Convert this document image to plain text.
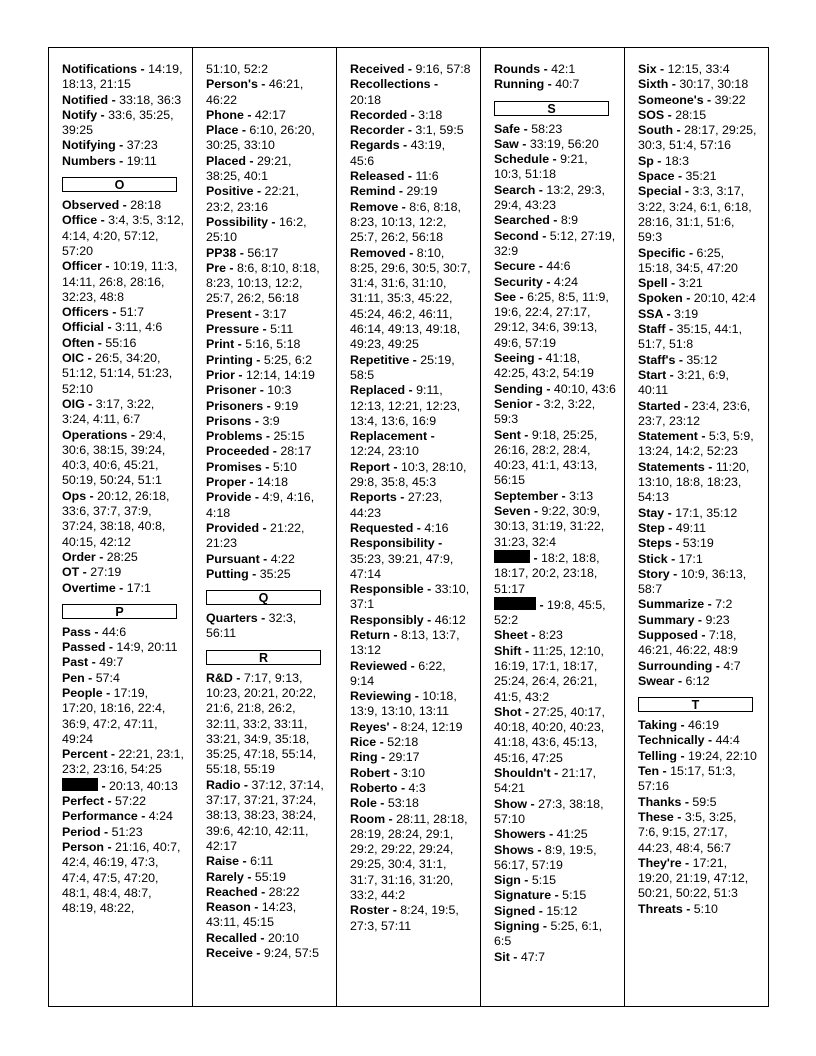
Notifications - 14:19, 18:13, 21:15
Notified - 33:18, 36:3
Notify - 33:6, 35:25, 39:25
Notifying - 37:23
Numbers - 19:11
O
Observed - 28:18
Office - 3:4, 3:5, 3:12, 4:14, 4:20, 57:12, 57:20
Officer - 10:19, 11:3, 14:11, 26:8, 28:16, 32:23, 48:8
Officers - 51:7
Official - 3:11, 4:6
Often - 55:16
OIC - 26:5, 34:20, 51:12, 51:14, 51:23, 52:10
OIG - 3:17, 3:22, 3:24, 4:11, 6:7
Operations - 29:4, 30:6, 38:15, 39:24, 40:3, 40:6, 45:21, 50:19, 50:24, 51:1
Ops - 20:12, 26:18, 33:6, 37:7, 37:9, 37:24, 38:18, 40:8, 40:15, 42:12
Order - 28:25
OT - 27:19
Overtime - 17:1
P
Pass - 44:6
Passed - 14:9, 20:11
Past - 49:7
Pen - 57:4
People - 17:19, 17:20, 18:16, 22:4, 36:9, 47:2, 47:11, 49:24
Percent - 22:21, 23:1, 23:2, 23:16, 54:25
- 20:13, 40:13
Perfect - 57:22
Performance - 4:24
Period - 51:23
Person - 21:16, 40:7, 42:4, 46:19, 47:3, 47:4, 47:5, 47:20, 48:1, 48:4, 48:7, 48:19, 48:22,
51:10, 52:2
Person's - 46:21, 46:22
Phone - 42:17
Place - 6:10, 26:20, 30:25, 33:10
Placed - 29:21, 38:25, 40:1
Positive - 22:21, 23:2, 23:16
Possibility - 16:2, 25:10
PP38 - 56:17
Pre - 8:6, 8:10, 8:18, 8:23, 10:13, 12:2, 25:7, 26:2, 56:18
Present - 3:17
Pressure - 5:11
Print - 5:16, 5:18
Printing - 5:25, 6:2
Prior - 12:14, 14:19
Prisoner - 10:3
Prisoners - 9:19
Prisons - 3:9
Problems - 25:15
Proceeded - 28:17
Promises - 5:10
Proper - 14:18
Provide - 4:9, 4:16, 4:18
Provided - 21:22, 21:23
Pursuant - 4:22
Putting - 35:25
Q
Quarters - 32:3, 56:11
R
R&D - 7:17, 9:13, 10:23, 20:21, 20:22, 21:6, 21:8, 26:2, 32:11, 33:2, 33:11, 33:21, 34:9, 35:18, 35:25, 47:18, 55:14, 55:18, 55:19
Radio - 37:12, 37:14, 37:17, 37:21, 37:24, 38:13, 38:23, 38:24, 39:6, 42:10, 42:11, 42:17
Raise - 6:11
Rarely - 55:19
Reached - 28:22
Reason - 14:23, 43:11, 45:15
Recalled - 20:10
Receive - 9:24, 57:5
Received - 9:16, 57:8
Recollections - 20:18
Recorded - 3:18
Recorder - 3:1, 59:5
Regards - 43:19, 45:6
Released - 11:6
Remind - 29:19
Remove - 8:6, 8:18, 8:23, 10:13, 12:2, 25:7, 26:2, 56:18
Removed - 8:10, 8:25, 29:6, 30:5, 30:7, 31:4, 31:6, 31:10, 31:11, 35:3, 45:22, 45:24, 46:2, 46:11, 46:14, 49:13, 49:18, 49:23, 49:25
Repetitive - 25:19, 58:5
Replaced - 9:11, 12:13, 12:21, 12:23, 13:4, 13:6, 16:9
Replacement - 12:24, 23:10
Report - 10:3, 28:10, 29:8, 35:8, 45:3
Reports - 27:23, 44:23
Requested - 4:16
Responsibility - 35:23, 39:21, 47:9, 47:14
Responsible - 33:10, 37:1
Responsibly - 46:12
Return - 8:13, 13:7, 13:12
Reviewed - 6:22, 9:14
Reviewing - 10:18, 13:9, 13:10, 13:11
Reyes' - 8:24, 12:19
Rice - 52:18
Ring - 29:17
Robert - 3:10
Roberto - 4:3
Role - 53:18
Room - 28:11, 28:18, 28:19, 28:24, 29:1, 29:2, 29:22, 29:24, 29:25, 30:4, 31:1, 31:7, 31:16, 31:20, 33:2, 44:2
Roster - 8:24, 19:5, 27:3, 57:11
Rounds - 42:1
Running - 40:7
S
Safe - 58:23
Saw - 33:19, 56:20
Schedule - 9:21, 10:3, 51:18
Search - 13:2, 29:3, 29:4, 43:23
Searched - 8:9
Second - 5:12, 27:19, 32:9
Secure - 44:6
Security - 4:24
See - 6:25, 8:5, 11:9, 19:6, 22:4, 27:17, 29:12, 34:6, 39:13, 49:6, 57:19
Seeing - 41:18, 42:25, 43:2, 54:19
Sending - 40:10, 43:6
Senior - 3:2, 3:22, 59:3
Sent - 9:18, 25:25, 26:16, 28:2, 28:4, 40:23, 41:1, 43:13, 56:15
September - 3:13
Seven - 9:22, 30:9, 30:13, 31:19, 31:22, 31:23, 32:4
- 18:2, 18:8, 18:17, 20:2, 23:18, 51:17
- 19:8, 45:5, 52:2
Sheet - 8:23
Shift - 11:25, 12:10, 16:19, 17:1, 18:17, 25:24, 26:4, 26:21, 41:5, 43:2
Shot - 27:25, 40:17, 40:18, 40:20, 40:23, 41:18, 43:6, 45:13, 45:16, 47:25
Shouldn't - 21:17, 54:21
Show - 27:3, 38:18, 57:10
Showers - 41:25
Shows - 8:9, 19:5, 56:17, 57:19
Sign - 5:15
Signature - 5:15
Signed - 15:12
Signing - 5:25, 6:1, 6:5
Sit - 47:7
Six - 12:15, 33:4
Sixth - 30:17, 30:18
Someone's - 39:22
SOS - 28:15
South - 28:17, 29:25, 30:3, 51:4, 57:16
Sp - 18:3
Space - 35:21
Special - 3:3, 3:17, 3:22, 3:24, 6:1, 6:18, 28:16, 31:1, 51:6, 59:3
Specific - 6:25, 15:18, 34:5, 47:20
Spell - 3:21
Spoken - 20:10, 42:4
SSA - 3:19
Staff - 35:15, 44:1, 51:7, 51:8
Staff's - 35:12
Start - 3:21, 6:9, 40:11
Started - 23:4, 23:6, 23:7, 23:12
Statement - 5:3, 5:9, 13:24, 14:2, 52:23
Statements - 11:20, 13:10, 18:8, 18:23, 54:13
Stay - 17:1, 35:12
Step - 49:11
Steps - 53:19
Stick - 17:1
Story - 10:9, 36:13, 58:7
Summarize - 7:2
Summary - 9:23
Supposed - 7:18, 46:21, 46:22, 48:9
Surrounding - 4:7
Swear - 6:12
T
Taking - 46:19
Technically - 44:4
Telling - 19:24, 22:10
Ten - 15:17, 51:3, 57:16
Thanks - 59:5
These - 3:5, 3:25, 7:6, 9:15, 27:17, 44:23, 48:4, 56:7
They're - 17:21, 19:20, 21:19, 47:12, 50:21, 50:22, 51:3
Threats - 5:10
